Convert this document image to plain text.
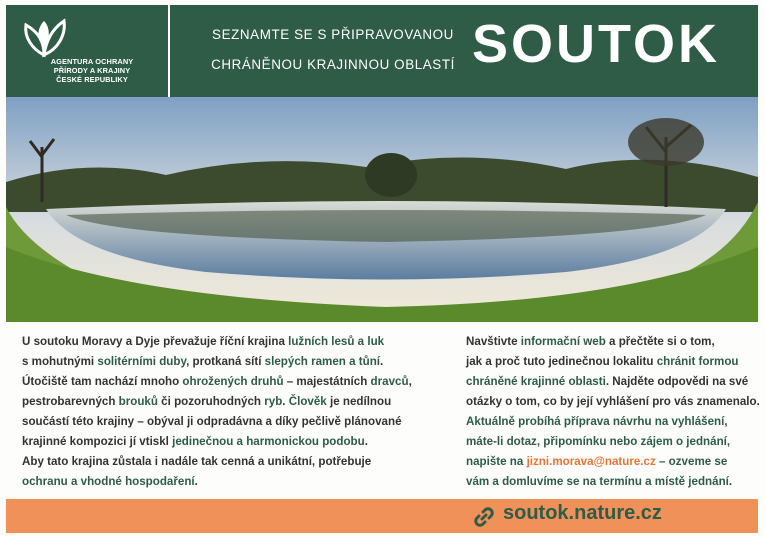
AGENTURA OCHRANY
PŘÍRODY A KRAJINY
ČESKÉ REPUBLIKY
SEZNAMTE SE S PŘIPRAVOVANOU
CHRÁNĚNOU KRAJINNOU OBLASTÍ SOUTOK
U soutoku Moravy a Dyje převažuje říční krajina lužních lesů a luk
s mohutnými solitérními duby, protkaná sítí slepých ramen a tůní.
Útočiště tam nachází mnoho ohrožených druhů – majestátních dravců,
pestrobarevných brouků či pozoruhodných ryb. Člověk je nedílnou
součástí této krajiny – obýval ji odpradávna a díky pečlivě plánované
krajinné kompozici jí vtiskl jedinečnou a harmonickou podobu.
Aby tato krajina zůstala i nadále tak cenná a unikátní, potřebuje
ochranu a vhodné hospodaření.
Navštivte informační web a přečtěte si o tom,
jak a proč tuto jedinečnou lokalitu chránit formou
chráněné krajinné oblasti. Najděte odpovědi na své
otázky o tom, co by její vyhlášení pro vás znamenalo.
Aktuálně probíhá příprava návrhu na vyhlášení,
máte-li dotaz, připomínku nebo zájem o jednání,
napište na jizni.morava@nature.cz – ozveme se
vám a domluvíme se na termínu a místě jednání.
soutok.nature.cz
